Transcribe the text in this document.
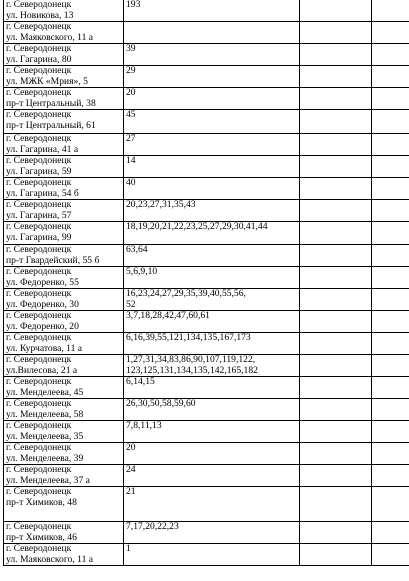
г. Северодонецк
ул. Новикова, 13	193		

г. Северодонецк
ул. Маяковского, 11 а			

г. Северодонецк
ул. Гагарина, 80	39		

г. Северодонецк
ул. МЖК «Мрия», 5	29		

г. Северодонецк
пр-т Центральный, 38	20		

г. Северодонецк
пр-т Центральный, 61	45		

г. Северодонецк
ул. Гагарина, 41 а	27		

г. Северодонецк
ул. Гагарина, 59	14		

г. Северодонецк
ул. Гагарина, 54 б	40		

г. Северодонецк
ул. Гагарина, 57	20,23,27,31,35,43		

г. Северодонецк
ул. Гагарина, 99	18,19,20,21,22,23,25,27,29,30,41,44		

г. Северодонецк
пр-т Гвардейский, 55 б	63,64		

г. Северодонецк
ул. Федоренко, 55	5,6,9,10		

г. Северодонецк
ул. Федоренко, 30	16,23,24,27,29,35,39,40,55,56,
52		

г. Северодонецк
ул. Федоренко, 20	3,7,18,28,42,47,60,61		

г. Северодонецк
ул. Курчатова, 11 а	6,16,39,55,121,134,135,167,173		

г. Северодонецк
ул.Вилесова, 21 а	1,27,31,34,83,86,90,107,119,122,
123,125,131,134,135,142,165,182		

г. Северодонецк
ул. Менделеева, 45	6,14,15		

г. Северодонецк
ул. Менделеева, 58	26,30,50,58,59,60		

г. Северодонецк
ул. Менделеева, 35	7,8,11,13		

г. Северодонецк
ул. Менделеева, 39	20		

г. Северодонецк
ул. Менделеева, 37 а	24		

г. Северодонецк
пр-т Химиков, 48	21		

г. Северодонецк
пр-т Химиков, 46	7,17,20,22,23		

г. Северодонецк
ул. Маяковского, 11 а	1		
